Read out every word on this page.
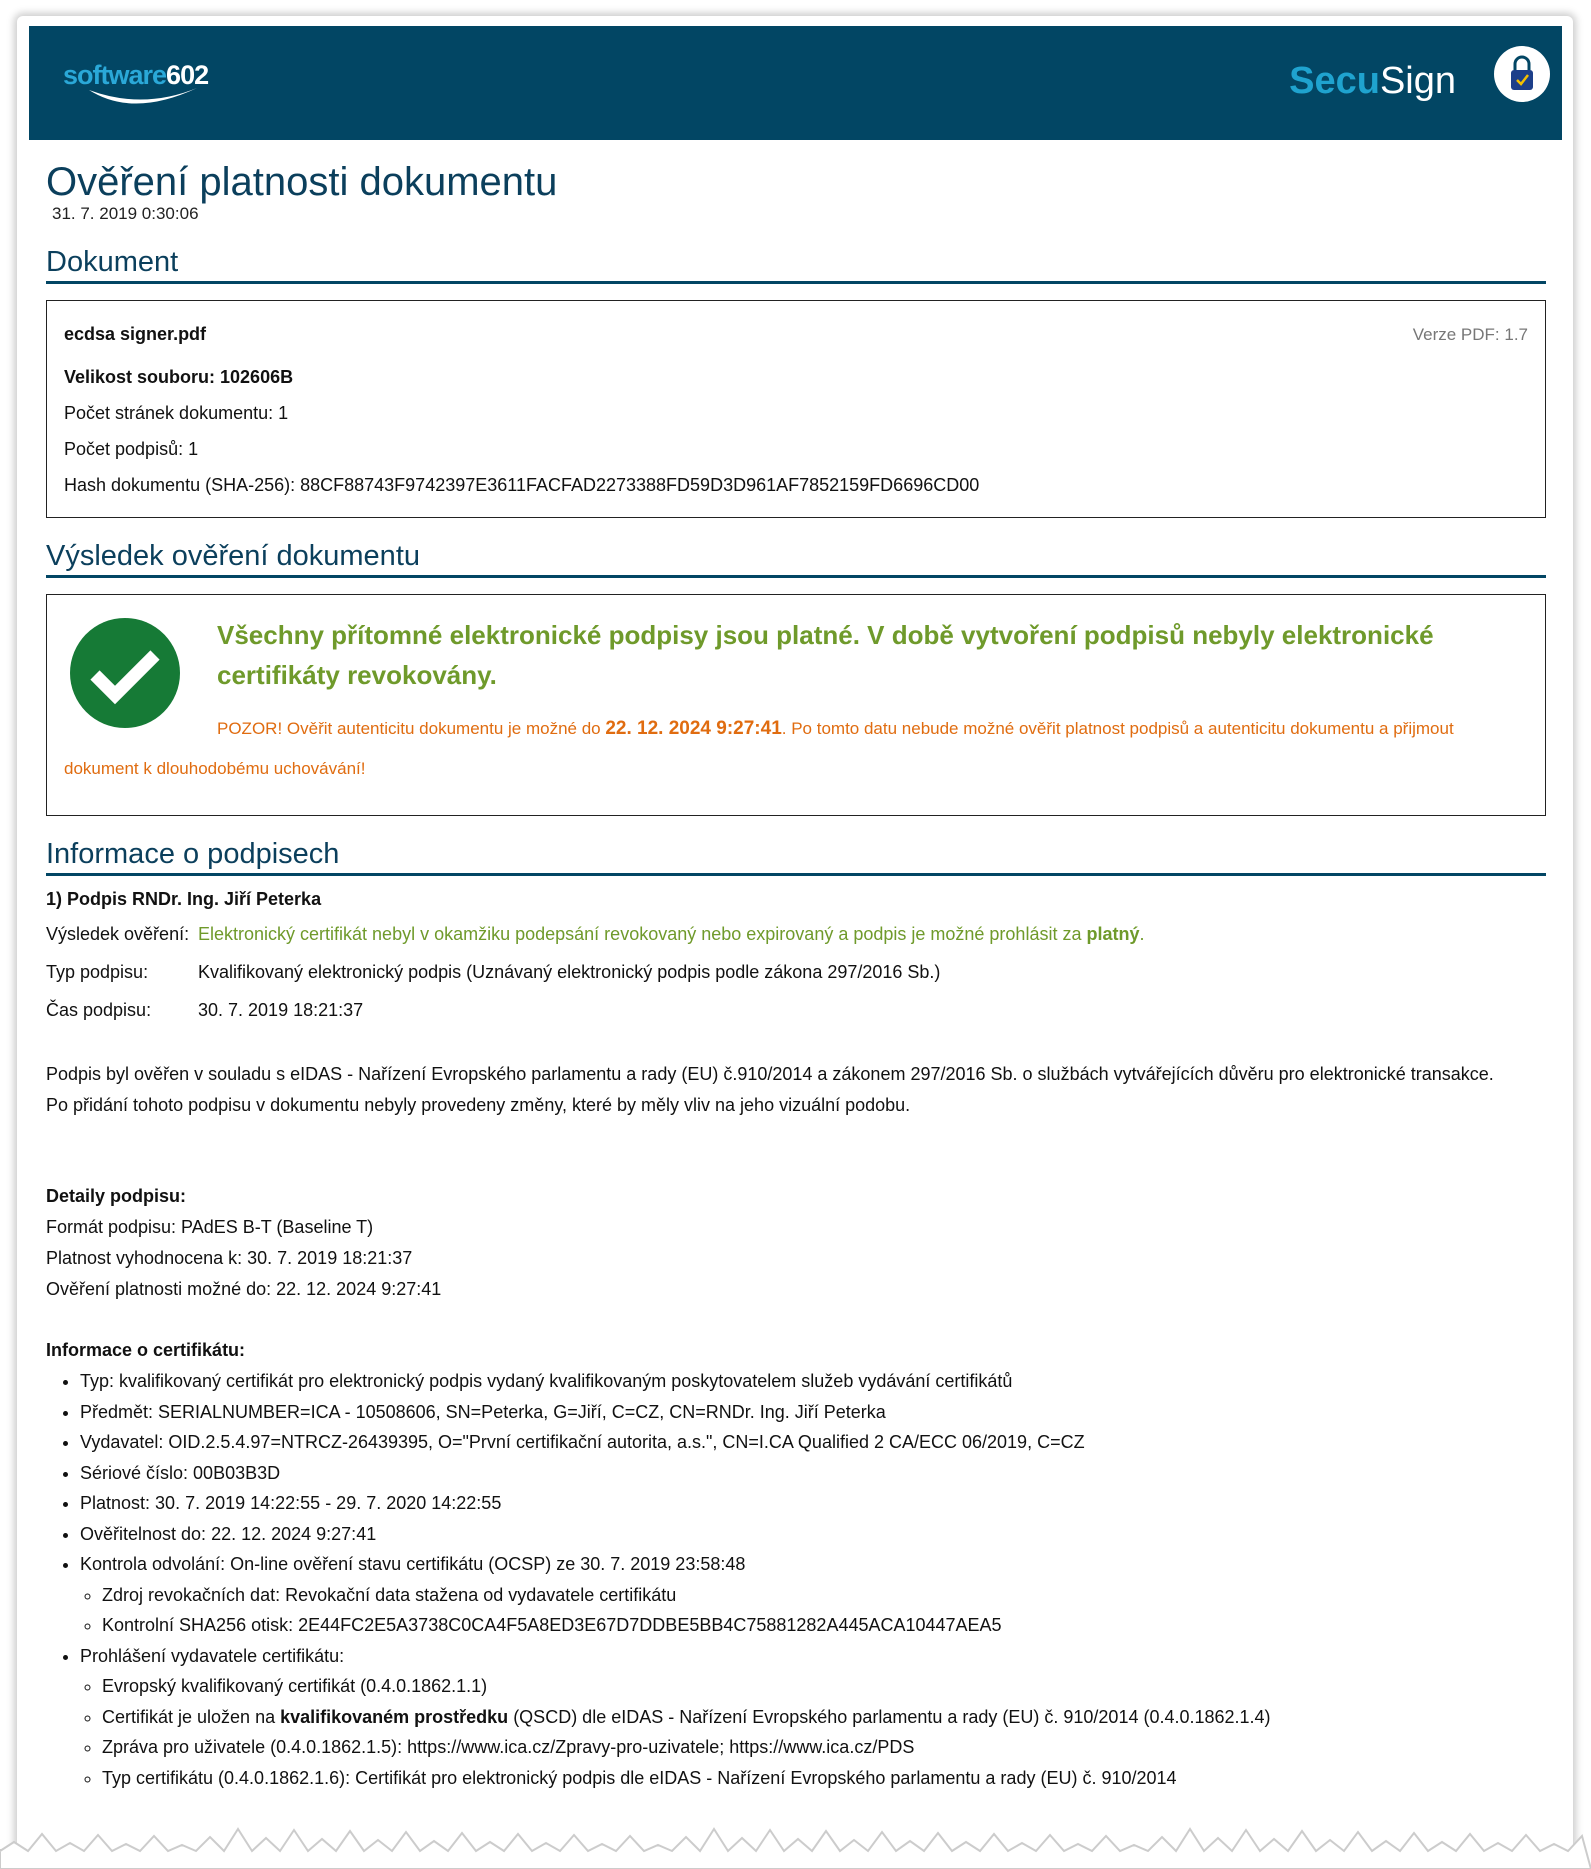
software602	SecuSign
Ověření platnosti dokumentu
31. 7. 2019 0:30:06
Dokument

ecdsa signer.pdf	Verze PDF: 1.7

Velikost souboru: 102606B

Počet stránek dokumentu: 1

Počet podpisů: 1

Hash dokumentu (SHA-256): 88CF88743F9742397E3611FACFAD2273388FD59D3D961AF7852159FD6696CD00

Výsledek ověření dokumentu
Všechny přítomné elektronické podpisy jsou platné. V době vytvoření podpisů nebyly elektronické certifikáty revokovány.
POZOR! Ověřit autenticitu dokumentu je možné do 22. 12. 2024 9:27:41. Po tomto datu nebude možné ověřit platnost podpisů a autenticitu dokumentu a přijmout dokument k dlouhodobému uchovávání!
Informace o podpisech
1) Podpis RNDr. Ing. Jiří Peterka
Výsledek ověření: Elektronický certifikát nebyl v okamžiku podepsání revokovaný nebo expirovaný a podpis je možné prohlásit za platný.
Typ podpisu:	Kvalifikovaný elektronický podpis (Uznávaný elektronický podpis podle zákona 297/2016 Sb.)
Čas podpisu:	30. 7. 2019 18:21:37
Podpis byl ověřen v souladu s eIDAS - Nařízení Evropského parlamentu a rady (EU) č.910/2014 a zákonem 297/2016 Sb. o službách vytvářejících důvěru pro elektronické transakce.
Po přidání tohoto podpisu v dokumentu nebyly provedeny změny, které by měly vliv na jeho vizuální podobu.
Detaily podpisu:
Formát podpisu: PAdES B-T (Baseline T)
Platnost vyhodnocena k: 30. 7. 2019 18:21:37
Ověření platnosti možné do: 22. 12. 2024 9:27:41
Informace o certifikátu:
• Typ: kvalifikovaný certifikát pro elektronický podpis vydaný kvalifikovaným poskytovatelem služeb vydávání certifikátů
• Předmět: SERIALNUMBER=ICA - 10508606, SN=Peterka, G=Jiří, C=CZ, CN=RNDr. Ing. Jiří Peterka
• Vydavatel: OID.2.5.4.97=NTRCZ-26439395, O="První certifikační autorita, a.s.", CN=I.CA Qualified 2 CA/ECC 06/2019, C=CZ
• Sériové číslo: 00B03B3D
• Platnost: 30. 7. 2019 14:22:55 - 29. 7. 2020 14:22:55
• Ověřitelnost do: 22. 12. 2024 9:27:41
• Kontrola odvolání: On-line ověření stavu certifikátu (OCSP) ze 30. 7. 2019 23:58:48
◦ Zdroj revokačních dat: Revokační data stažena od vydavatele certifikátu
◦ Kontrolní SHA256 otisk: 2E44FC2E5A3738C0CA4F5A8ED3E67D7DDBE5BB4C75881282A445ACA10447AEA5
• Prohlášení vydavatele certifikátu:
◦ Evropský kvalifikovaný certifikát (0.4.0.1862.1.1)
◦ Certifikát je uložen na kvalifikovaném prostředku (QSCD) dle eIDAS - Nařízení Evropského parlamentu a rady (EU) č. 910/2014 (0.4.0.1862.1.4)
◦ Zpráva pro uživatele (0.4.0.1862.1.5): https://www.ica.cz/Zpravy-pro-uzivatele; https://www.ica.cz/PDS
◦ Typ certifikátu (0.4.0.1862.1.6): Certifikát pro elektronický podpis dle eIDAS - Nařízení Evropského parlamentu a rady (EU) č. 910/2014
